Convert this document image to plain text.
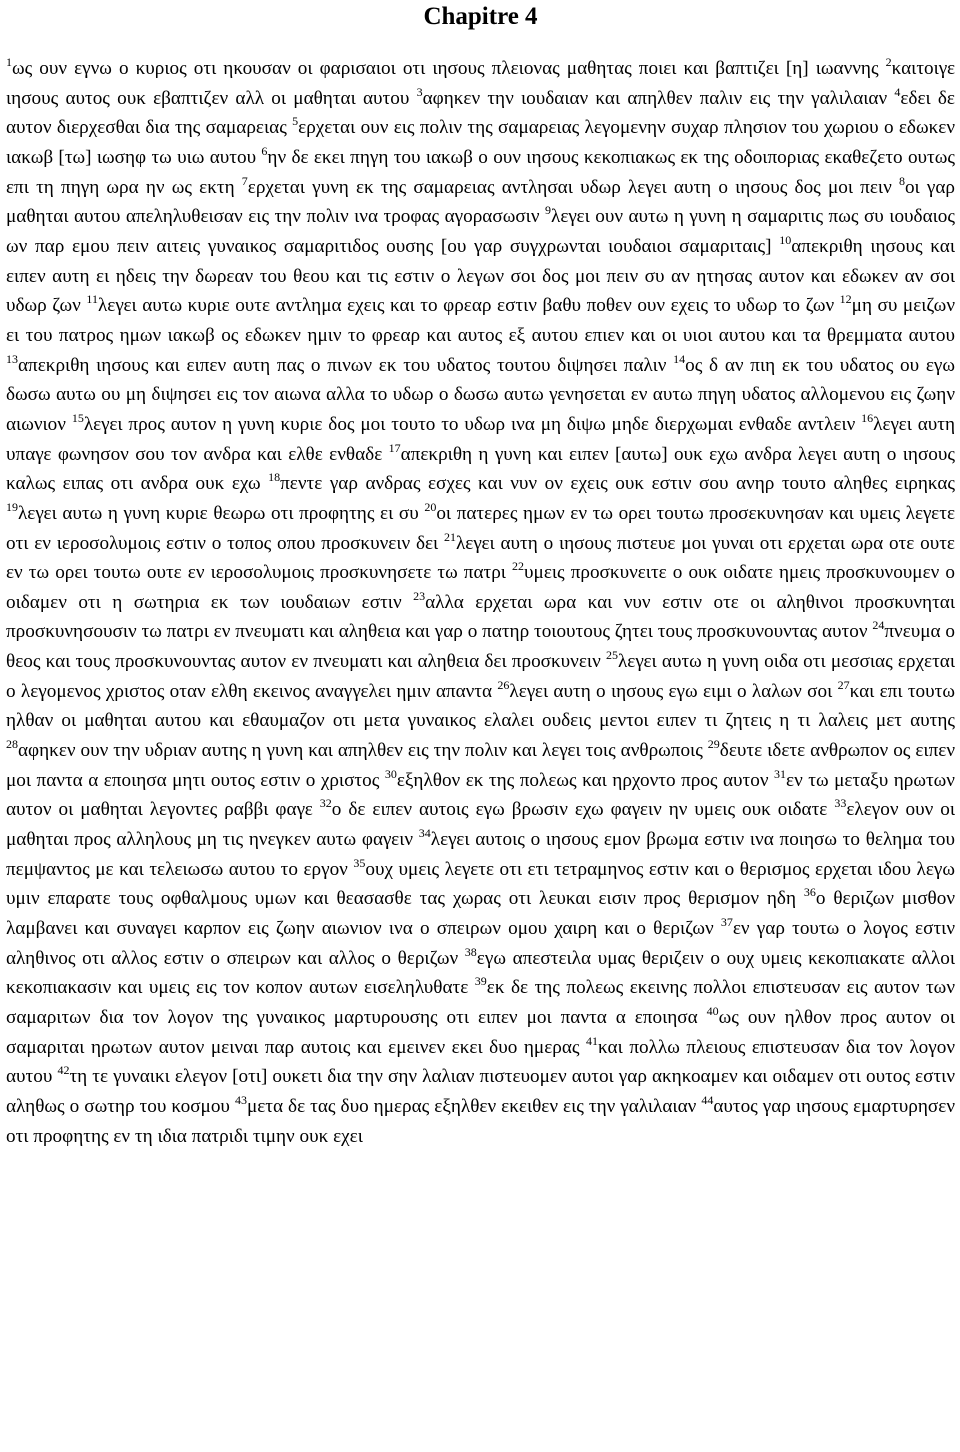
Chapitre 4

$^1$ως ουν εγνω ο κυριος οτι ηκουσαν οι φαρισαιοι οτι ιησους πλειονας μαθητας ποιει και βαπτιζει [η] ιωαννης $^2$καιτοιγε ιησους αυτος ουκ εβαπτιζεν αλλ οι μαθηται αυτου $^3$αφηκεν την ιουδαιαν και απηλθεν παλιν εις την γαλιλαιαν $^4$εδει δε αυτον διερχεσθαι δια της σαμαρειας $^5$ερχεται ουν εις πολιν της σαμαρειας λεγομενην συχαρ πλησιον του χωριου ο εδωκεν ιακωβ [τω] ιωσηφ τω υιω αυτου $^6$ην δε εκει πηγη του ιακωβ ο ουν ιησους κεκοπιακως εκ της οδοιποριας εκαθεζετο ουτως επι τη πηγη ωρα ην ως εκτη $^7$ερχεται γυνη εκ της σαμαρειας αντλησαι υδωρ λεγει αυτη ο ιησους δος μοι πειν $^8$οι γαρ μαθηται αυτου απεληλυθεισαν εις την πολιν ινα τροφας αγορασωσιν $^9$λεγει ουν αυτω η γυνη η σαμαριτις πως συ ιουδαιος ων παρ εμου πειν αιτεις γυναικος σαμαριτιδος ουσης [ου γαρ συγχρωνται ιουδαιοι σαμαριταις] $^{10}$απεκριθη ιησους και ειπεν αυτη ει ηδεις την δωρεαν του θεου και τις εστιν ο λεγων σοι δος μοι πειν συ αν ητησας αυτον και εδωκεν αν σοι υδωρ ζων $^{11}$λεγει αυτω κυριε ουτε αντλημα εχεις και το φρεαρ εστιν βαθυ ποθεν ουν εχεις το υδωρ το ζων $^{12}$μη συ μειζων ει του πατρος ημων ιακωβ ος εδωκεν ημιν το φρεαρ και αυτος εξ αυτου επιεν και οι υιοι αυτου και τα θρεμματα αυτου $^{13}$απεκριθη ιησους και ειπεν αυτη πας ο πινων εκ του υδατος τουτου διψησει παλιν $^{14}$ος δ αν πιη εκ του υδατος ου εγω δωσω αυτω ου μη διψησει εις τον αιωνα αλλα το υδωρ ο δωσω αυτω γενησεται εν αυτω πηγη υδατος αλλομενου εις ζωην αιωνιον $^{15}$λεγει προς αυτον η γυνη κυριε δος μοι τουτο το υδωρ ινα μη διψω μηδε διερχωμαι ενθαδε αντλειν $^{16}$λεγει αυτη υπαγε φωνησον σου τον ανδρα και ελθε ενθαδε $^{17}$απεκριθη η γυνη και ειπεν [αυτω] ουκ εχω ανδρα λεγει αυτη ο ιησους καλως ειπας οτι ανδρα ουκ εχω $^{18}$πεντε γαρ ανδρας εσχες και νυν ον εχεις ουκ εστιν σου ανηρ τουτο αληθες ειρηκας $^{19}$λεγει αυτω η γυνη κυριε θεωρω οτι προφητης ει συ $^{20}$οι πατερες ημων εν τω ορει τουτω προσεκυνησαν και υμεις λεγετε οτι εν ιεροσολυμοις εστιν ο τοπος οπου προσκυνειν δει $^{21}$λεγει αυτη ο ιησους πιστευε μοι γυναι οτι ερχεται ωρα οτε ουτε εν τω ορει τουτω ουτε εν ιεροσολυμοις προσκυνησετε τω πατρι $^{22}$υμεις προσκυνειτε ο ουκ οιδατε ημεις προσκυνουμεν ο οιδαμεν οτι η σωτηρια εκ των ιουδαιων εστιν $^{23}$αλλα ερχεται ωρα και νυν εστιν οτε οι αληθινοι προσκυνηται προσκυνησουσιν τω πατρι εν πνευματι και αληθεια και γαρ ο πατηρ τοιουτους ζητει τους προσκυνουντας αυτον $^{24}$πνευμα ο θεος και τους προσκυνουντας αυτον εν πνευματι και αληθεια δει προσκυνειν $^{25}$λεγει αυτω η γυνη οιδα οτι μεσσιας ερχεται ο λεγομενος χριστος οταν ελθη εκεινος αναγγελει ημιν απαντα $^{26}$λεγει αυτη ο ιησους εγω ειμι ο λαλων σοι $^{27}$και επι τουτω ηλθαν οι μαθηται αυτου και εθαυμαζον οτι μετα γυναικος ελαλει ουδεις μεντοι ειπεν τι ζητεις η τι λαλεις μετ αυτης $^{28}$αφηκεν ουν την υδριαν αυτης η γυνη και απηλθεν εις την πολιν και λεγει τοις ανθρωποις $^{29}$δευτε ιδετε ανθρωπον ος ειπεν μοι παντα α εποιησα μητι ουτος εστιν ο χριστος $^{30}$εξηλθον εκ της πολεως και ηρχοντο προς αυτον $^{31}$εν τω μεταξυ ηρωτων αυτον οι μαθηται λεγοντες ραββι φαγε $^{32}$ο δε ειπεν αυτοις εγω βρωσιν εχω φαγειν ην υμεις ουκ οιδατε $^{33}$ελεγον ουν οι μαθηται προς αλληλους μη τις ηνεγκεν αυτω φαγειν $^{34}$λεγει αυτοις ο ιησους εμον βρωμα εστιν ινα ποιησω το θελημα του πεμψαντος με και τελειωσω αυτου το εργον $^{35}$ουχ υμεις λεγετε οτι ετι τετραμηνος εστιν και ο θερισμος ερχεται ιδου λεγω υμιν επαρατε τους οφθαλμους υμων και θεασασθε τας χωρας οτι λευκαι εισιν προς θερισμον ηδη $^{36}$ο θεριζων μισθον λαμβανει και συναγει καρπον εις ζωην αιωνιον ινα ο σπειρων ομου χαιρη και ο θεριζων $^{37}$εν γαρ τουτω ο λογος εστιν αληθινος οτι αλλος εστιν ο σπειρων και αλλος ο θεριζων $^{38}$εγω απεστειλα υμας θεριζειν ο ουχ υμεις κεκοπιακατε αλλοι κεκοπιακασιν και υμεις εις τον κοπον αυτων εισεληλυθατε $^{39}$εκ δε της πολεως εκεινης πολλοι επιστευσαν εις αυτον των σαμαριτων δια τον λογον της γυναικος μαρτυρουσης οτι ειπεν μοι παντα α εποιησα $^{40}$ως ουν ηλθον προς αυτον οι σαμαριται ηρωτων αυτον μειναι παρ αυτοις και εμεινεν εκει δυο ημερας $^{41}$και πολλω πλειους επιστευσαν δια τον λογον αυτου $^{42}$τη τε γυναικι ελεγον [οτι] ουκετι δια την σην λαλιαν πιστευομεν αυτοι γαρ ακηκοαμεν και οιδαμεν οτι ουτος εστιν αληθως ο σωτηρ του κοσμου $^{43}$μετα δε τας δυο ημερας εξηλθεν εκειθεν εις την γαλιλαιαν $^{44}$αυτος γαρ ιησους εμαρτυρησεν οτι προφητης εν τη ιδια πατριδι τιμην ουκ εχει
